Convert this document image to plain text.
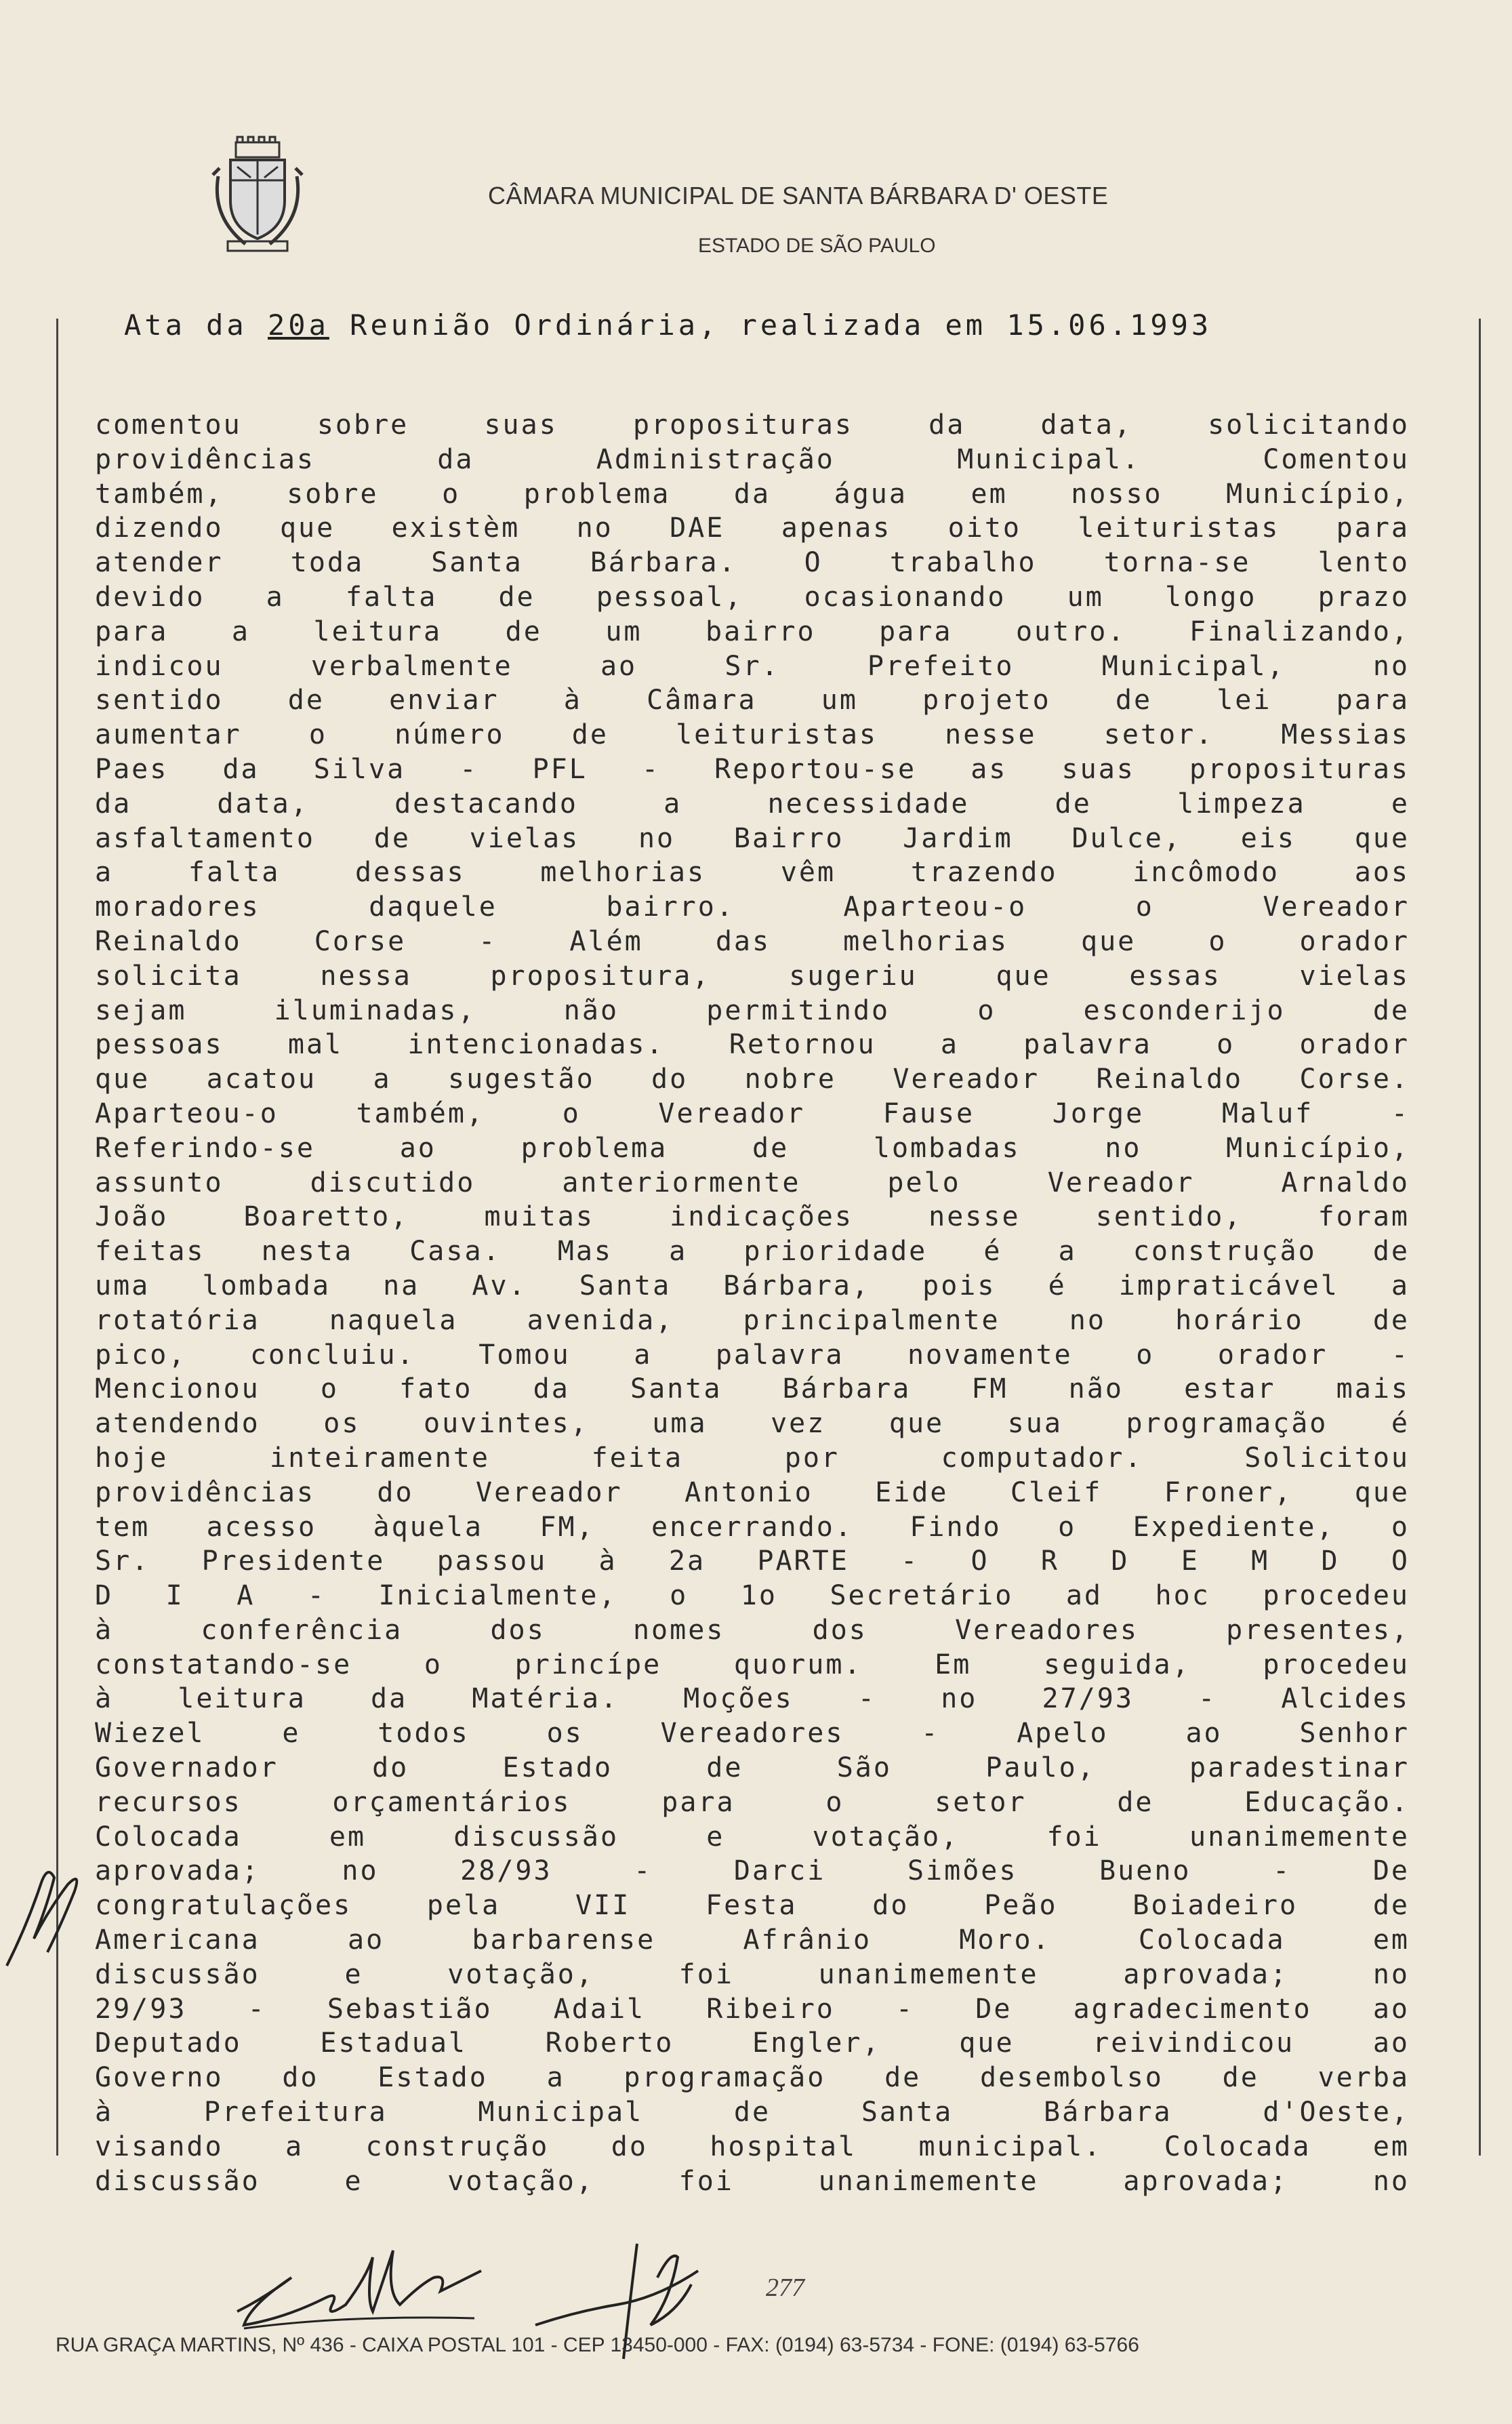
CÂMARA MUNICIPAL DE SANTA BÁRBARA D' OESTE
ESTADO DE SÃO PAULO
Ata da 20a Reunião Ordinária, realizada em 15.06.1993
comentou sobre suas proposituras da data, solicitando
providências da Administração Municipal. Comentou
também, sobre o problema da água em nosso Município,
dizendo que existèm no DAE apenas oito leituristas para
atender toda Santa Bárbara. O trabalho torna-se lento
devido a falta de pessoal, ocasionando um longo prazo
para a leitura de um bairro para outro. Finalizando,
indicou verbalmente ao Sr. Prefeito Municipal, no
sentido de enviar à Câmara um projeto de lei para
aumentar o número de leituristas nesse setor. Messias
Paes da Silva - PFL - Reportou-se as suas proposituras
da data, destacando a necessidade de limpeza e
asfaltamento de vielas no Bairro Jardim Dulce, eis que
a falta dessas melhorias vêm trazendo incômodo aos
moradores daquele bairro. Aparteou-o o Vereador
Reinaldo Corse - Além das melhorias que o orador
solicita nessa propositura, sugeriu que essas vielas
sejam iluminadas, não permitindo o esconderijo de
pessoas mal intencionadas. Retornou a palavra o orador
que acatou a sugestão do nobre Vereador Reinaldo Corse.
Aparteou-o também, o Vereador Fause Jorge Maluf -
Referindo-se ao problema de lombadas no Município,
assunto discutido anteriormente pelo Vereador Arnaldo
João Boaretto, muitas indicações nesse sentido, foram
feitas nesta Casa. Mas a prioridade é a construção de
uma lombada na Av. Santa Bárbara, pois é impraticável a
rotatória naquela avenida, principalmente no horário de
pico, concluiu. Tomou a palavra novamente o orador -
Mencionou o fato da Santa Bárbara FM não estar mais
atendendo os ouvintes, uma vez que sua programação é
hoje inteiramente feita por computador. Solicitou
providências do Vereador Antonio Eide Cleif Froner, que
tem acesso àquela FM, encerrando. Findo o Expediente, o
Sr. Presidente passou à 2a PARTE - O R D E M D O
D I A - Inicialmente, o 1o Secretário ad hoc procedeu
à conferência dos nomes dos Vereadores presentes,
constatando-se o princípe quorum. Em seguida, procedeu
à leitura da Matéria. Moções - no 27/93 - Alcides
Wiezel e todos os Vereadores - Apelo ao Senhor
Governador do Estado de São Paulo, paradestinar
recursos orçamentários para o setor de Educação.
Colocada em discussão e votação, foi unanimemente
aprovada; no 28/93 - Darci Simões Bueno - De
congratulações pela VII Festa do Peão Boiadeiro de
Americana ao barbarense Afrânio Moro. Colocada em
discussão e votação, foi unanimemente aprovada; no
29/93 - Sebastião Adail Ribeiro - De agradecimento ao
Deputado Estadual Roberto Engler, que reivindicou ao
Governo do Estado a programação de desembolso de verba
à Prefeitura Municipal de Santa Bárbara d'Oeste,
visando a construção do hospital municipal. Colocada em
discussão e votação, foi unanimemente aprovada; no
277
RUA GRAÇA MARTINS, Nº 436 - CAIXA POSTAL 101 - CEP 13450-000 - FAX: (0194) 63-5734 - FONE: (0194) 63-5766
